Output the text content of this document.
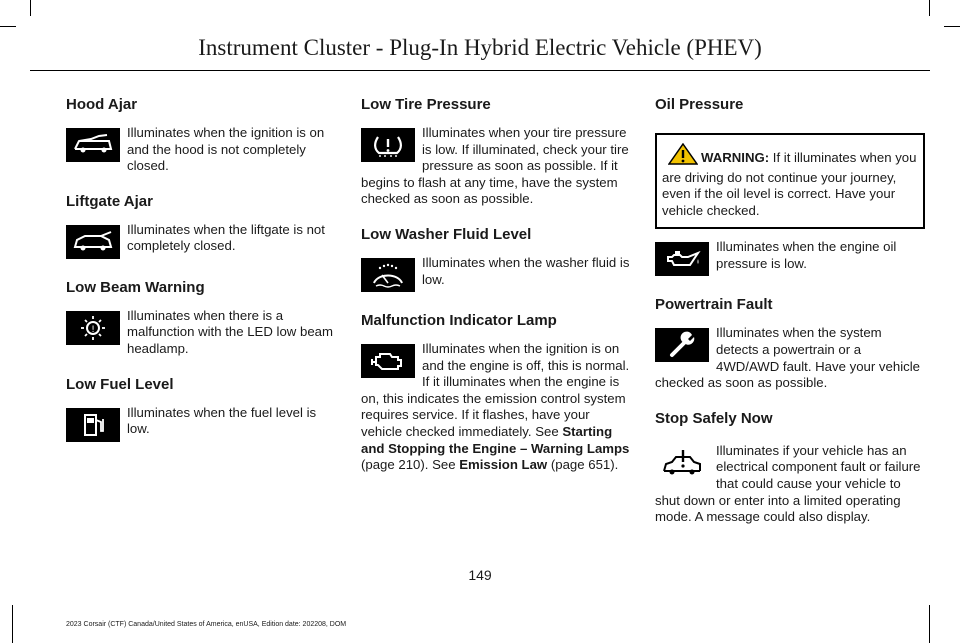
Instrument Cluster - Plug-In Hybrid Electric Vehicle (PHEV)
Hood Ajar

Illuminates when the ignition is on and the hood is not completely closed.

Liftgate Ajar

Illuminates when the liftgate is not completely closed.

Low Beam Warning
!

Illuminates when there is a malfunction with the LED low beam headlamp.

Low Fuel Level

Illuminates when the fuel level is low.

Low Tire Pressure

Illuminates when your tire pressure is low. If illuminated, check your tire pressure as soon as possible. If it begins to flash at any time, have the system checked as soon as possible.

Low Washer Fluid Level

Illuminates when the washer fluid is low.

Malfunction Indicator Lamp

Illuminates when the ignition is on and the engine is off, this is normal. If it illuminates when the engine is on, this indicates the emission control system requires service. If it flashes, have your vehicle checked immediately. See Starting and Stopping the Engine – Warning Lamps (page 210). See Emission Law (page 651).

Oil Pressure
WARNING: If it illuminates when you are driving do not continue your journey, even if the oil level is correct. Have your vehicle checked.

Illuminates when the engine oil pressure is low.

Powertrain Fault

Illuminates when the system detects a powertrain or a 4WD/AWD fault. Have your vehicle checked as soon as possible.

Stop Safely Now

Illuminates if your vehicle has an electrical component fault or failure that could cause your vehicle to shut down or enter into a limited operating mode. A message could also display.

149
2023 Corsair (CTF) Canada/United States of America, enUSA, Edition date: 202208, DOM
